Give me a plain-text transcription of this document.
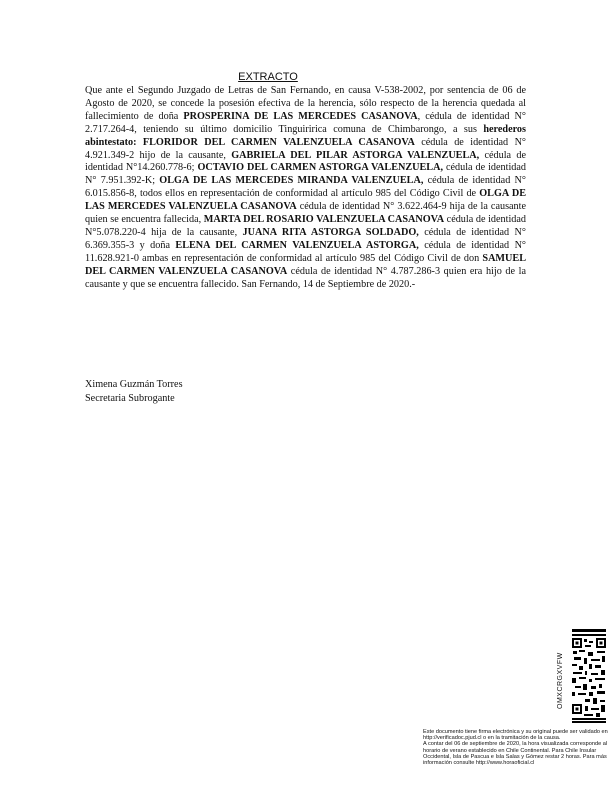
EXTRACTO
Que ante el Segundo Juzgado de Letras de San Fernando, en causa V-538-2002, por sentencia de 06 de Agosto de 2020, se concede la posesión efectiva de la herencia, sólo respecto de la herencia quedada al fallecimiento de doña PROSPERINA DE LAS MERCEDES CASANOVA, cédula de identidad N° 2.717.264-4, teniendo su último domicilio Tinguiririca comuna de Chimbarongo, a sus herederos abintestato: FLORIDOR DEL CARMEN VALENZUELA CASANOVA cédula de identidad N° 4.921.349-2 hijo de la causante, GABRIELA DEL PILAR ASTORGA VALENZUELA, cédula de identidad N°14.260.778-6; OCTAVIO DEL CARMEN ASTORGA VALENZUELA, cédula de identidad N° 7.951.392-K; OLGA DE LAS MERCEDES MIRANDA VALENZUELA, cédula de identidad N° 6.015.856-8, todos ellos en representación de conformidad al artículo 985 del Código Civil de OLGA DE LAS MERCEDES VALENZUELA CASANOVA cédula de identidad N° 3.622.464-9 hija de la causante quien se encuentra fallecida, MARTA DEL ROSARIO VALENZUELA CASANOVA cédula de identidad N°5.078.220-4 hija de la causante, JUANA RITA ASTORGA SOLDADO, cédula de identidad N° 6.369.355-3 y doña ELENA DEL CARMEN VALENZUELA ASTORGA, cédula de identidad N° 11.628.921-0 ambas en representación de conformidad al artículo 985 del Código Civil de don SAMUEL DEL CARMEN VALENZUELA CASANOVA cédula de identidad N° 4.787.286-3 quien era hijo de la causante y que se encuentra fallecido. San Fernando, 14 de Septiembre de 2020.-
Ximena Guzmán Torres
Secretaria Subrogante
OMXCRGXVFW
Este documento tiene firma electrónica y su original puede ser validado en http://verificadoc.pjud.cl o en la tramitación de la causa.
A contar del 06 de septiembre de 2020, la hora visualizada corresponde al horario de verano establecido en Chile Continental. Para Chile Insular Occidental, Isla de Pascua e Isla Salas y Gómez restar 2 horas. Para más información consulte http://www.horaoficial.cl
